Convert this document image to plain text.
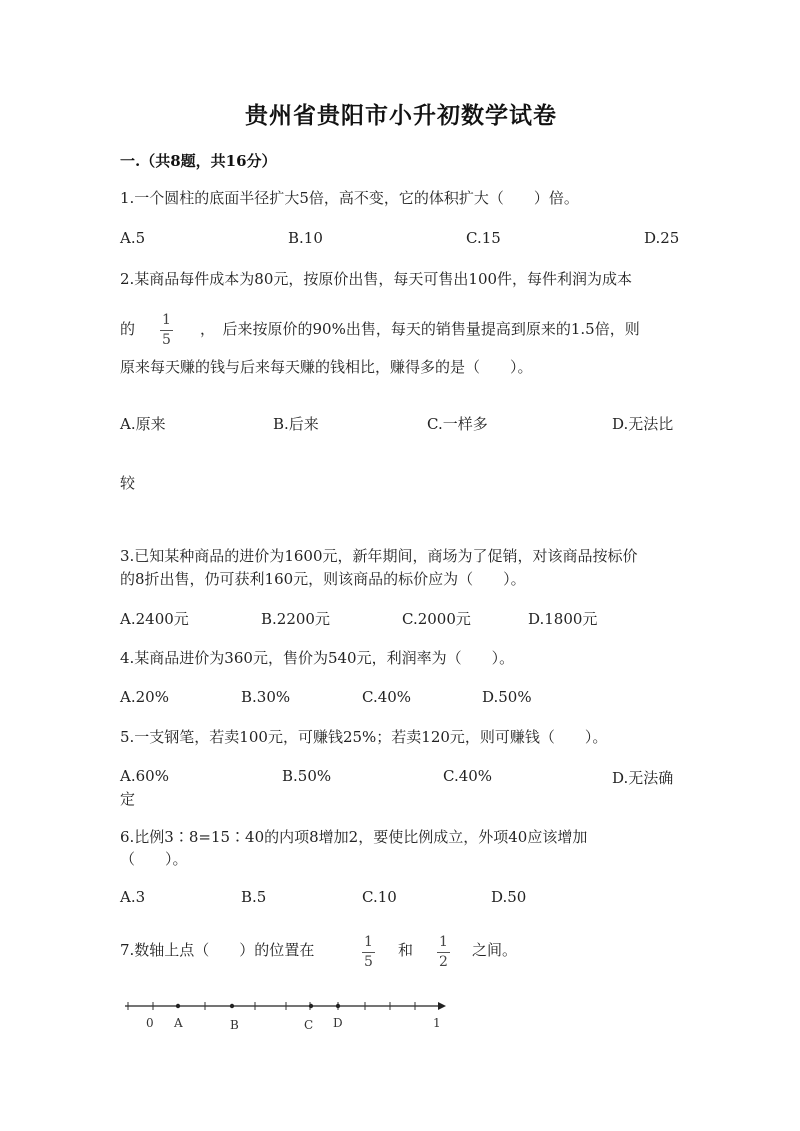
贵州省贵阳市小升初数学试卷
一.（共8题，共16分）
1.一个圆柱的底面半径扩大5倍，高不变，它的体积扩大（　　）倍。
A.5	B.10	C.15	D.25
2.某商品每件成本为80元，按原价出售，每天可售出100件，每件利润为成本
的 1
5
，　后来按原价的90%出售，每天的销售量提高到原来的1.5倍，则
原来每天赚的钱与后来每天赚的钱相比，赚得多的是（　　）。
A.原来	B.后来	C.一样多	D.无法比
较
3.已知某种商品的进价为1600元，新年期间，商场为了促销，对该商品按标价
的8折出售，仍可获利160元，则该商品的标价应为（　　）。
A.2400元	B.2200元	C.2000元	D.1800元
4.某商品进价为360元，售价为540元，利润率为（　　）。
A.20%	B.30%	C.40%	D.50%
5.一支钢笔，若卖100元，可赚钱25%；若卖120元，则可赚钱（　　）。
A.60%	B.50%	C.40%	D.无法确
定
6.比例3∶8=15∶40的内项8增加2，要使比例成立，外项40应该增加
（　　）。
A.3	B.5	C.10	D.50
7.数轴上点（　　）的位置在	1
5
和 1
2
之间。
0 A	B	C D	1
